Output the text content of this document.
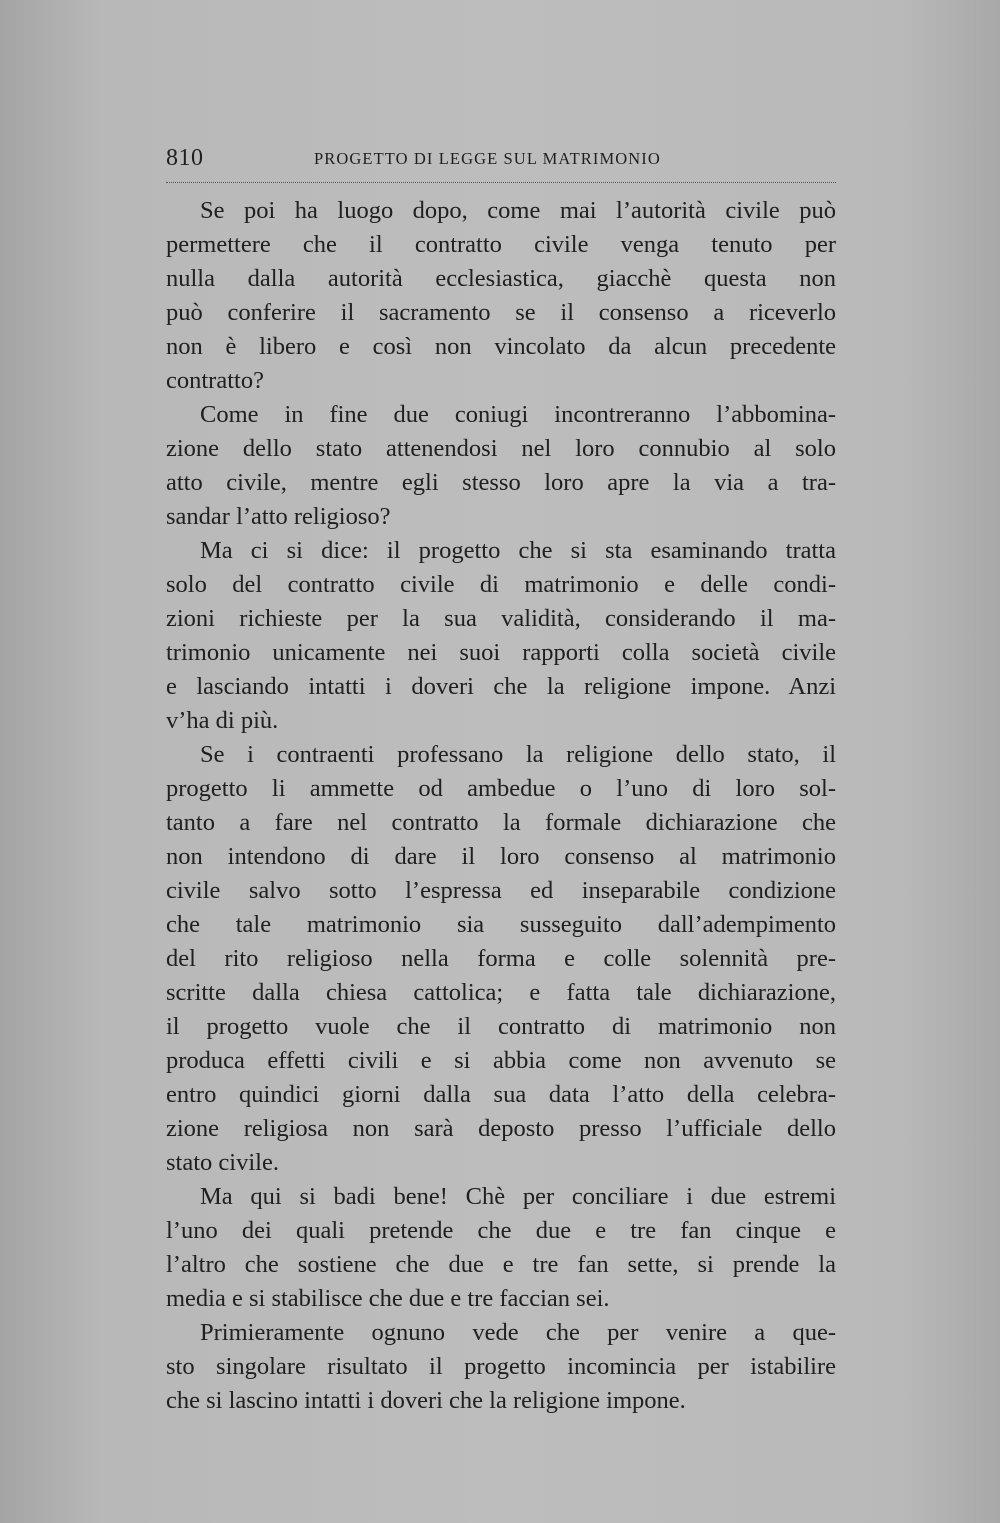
810	PROGETTO DI LEGGE SUL MATRIMONIO

Se poi ha luogo dopo, come mai l’autorità civile può
permettere che il contratto civile venga tenuto per
nulla dalla autorità ecclesiastica, giacchè questa non
può conferire il sacramento se il consenso a riceverlo
non è libero e così non vincolato da alcun precedente
contratto?

Come in fine due coniugi incontreranno l’abbomina-
zione dello stato attenendosi nel loro connubio al solo
atto civile, mentre egli stesso loro apre la via a tra-
sandar l’atto religioso?

Ma ci si dice: il progetto che si sta esaminando tratta
solo del contratto civile di matrimonio e delle condi-
zioni richieste per la sua validità, considerando il ma-
trimonio unicamente nei suoi rapporti colla società civile
e lasciando intatti i doveri che la religione impone. Anzi
v’ha di più.

Se i contraenti professano la religione dello stato, il
progetto li ammette od ambedue o l’uno di loro sol-
tanto a fare nel contratto la formale dichiarazione che
non intendono di dare il loro consenso al matrimonio
civile salvo sotto l’espressa ed inseparabile condizione
che tale matrimonio sia susseguito dall’adempimento
del rito religioso nella forma e colle solennità pre-
scritte dalla chiesa cattolica; e fatta tale dichiarazione,
il progetto vuole che il contratto di matrimonio non
produca effetti civili e si abbia come non avvenuto se
entro quindici giorni dalla sua data l’atto della celebra-
zione religiosa non sarà deposto presso l’ufficiale dello
stato civile.

Ma qui si badi bene! Chè per conciliare i due estremi
l’uno dei quali pretende che due e tre fan cinque e
l’altro che sostiene che due e tre fan sette, si prende la
media e si stabilisce che due e tre faccian sei.

Primieramente ognuno vede che per venire a que-
sto singolare risultato il progetto incomincia per istabilire
che si lascino intatti i doveri che la religione impone.
